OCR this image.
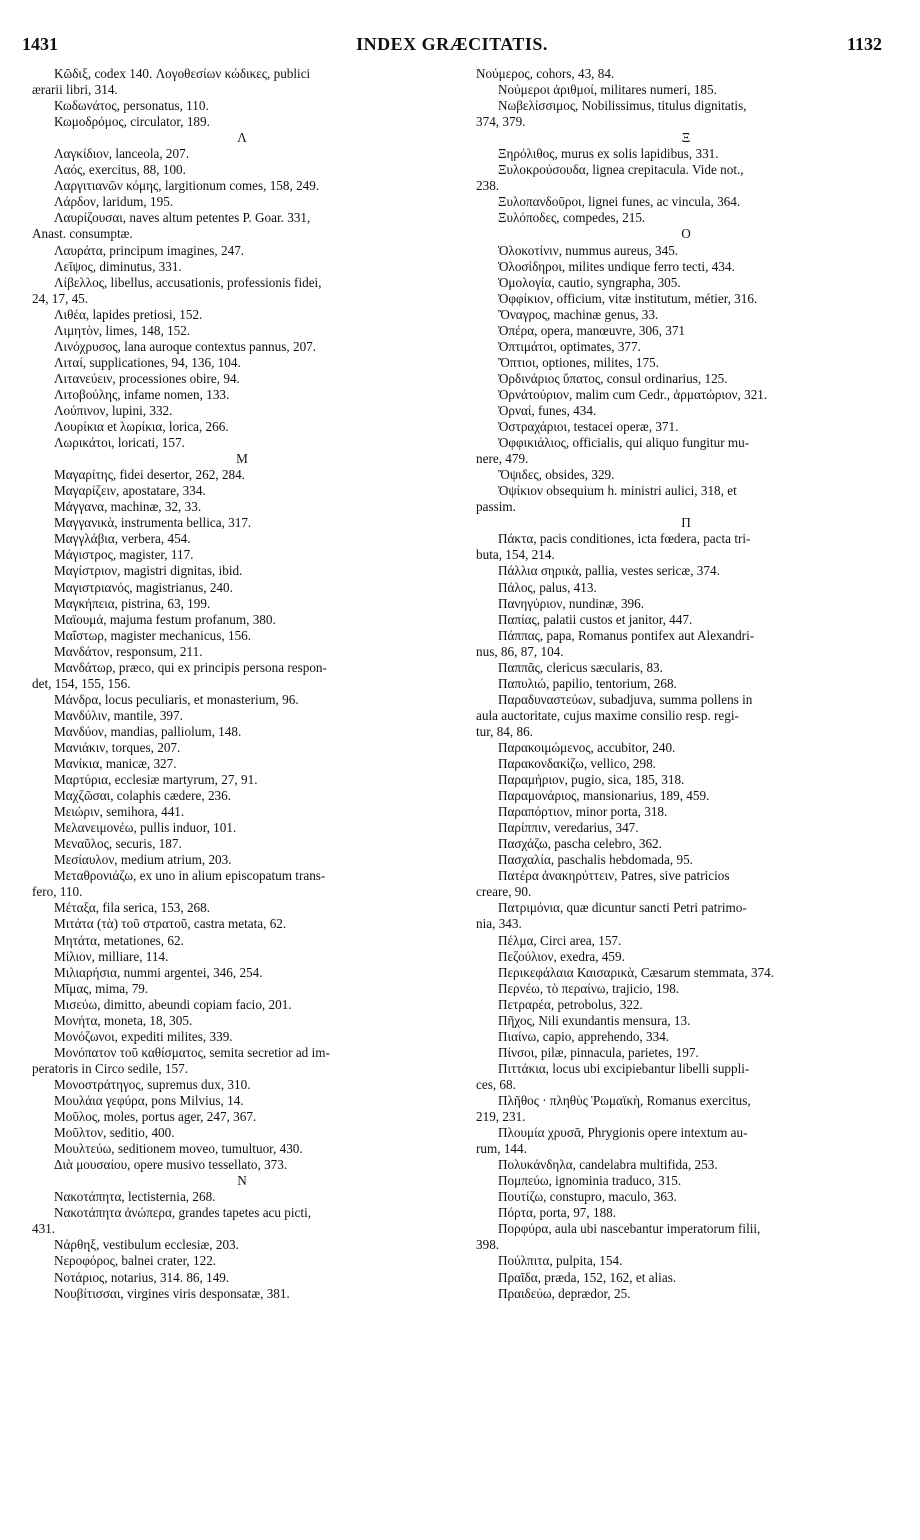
1431	INDEX GRÆCITATIS.	1132

Κῶδιξ, codex 140. Λογοθεσίων κώδικες, publici

ærarii libri, 314.

Κωδωνάτος, personatus, 110.

Κωμοδρόμος, circulator, 189.

Λ

Λαγκίδιον, lanceola, 207.

Λαός, exercitus, 88, 100.

Λαργιτιανῶν κόμης, largitionum comes, 158, 249.

Λάρδον, laridum, 195.

Λαυρίζουσαι, naves altum petentes P. Goar. 331,

Anast. consumptæ.

Λαυράτα, principum imagines, 247.

Λεῖψος, diminutus, 331.

Λίβελλος, libellus, accusationis, professionis fidei,

24, 17, 45.

Λιθέα, lapides pretiosi, 152.

Λιμητὸν, limes, 148, 152.

Λινόχρυσος, lana auroque contextus pannus, 207.

Λιταί, supplicationes, 94, 136, 104.

Λιτανεύειν, processiones obire, 94.

Λιτοβούλης, infame nomen, 133.

Λούπινον, lupini, 332.

Λουρίκια et λωρίκια, lorica, 266.

Λωρικάτοι, loricati, 157.

Μ

Μαγαρίτης, fidei desertor, 262, 284.

Μαγαρίζειν, apostatare, 334.

Μάγγανα, machinæ, 32, 33.

Μαγγανικὰ, instrumenta bellica, 317.

Μαγγλάβια, verbera, 454.

Μάγιστρος, magister, 117.

Μαγίστριον, magistri dignitas, ibid.

Μαγιστριανός, magistrianus, 240.

Μαγκήπεια, pistrina, 63, 199.

Μαϊουμά, majuma festum profanum, 380.

Μαΐστωρ, magister mechanicus, 156.

Μανδάτον, responsum, 211.

Μανδάτωρ, præco, qui ex principis persona respon-

det, 154, 155, 156.

Μάνδρα, locus peculiaris, et monasterium, 96.

Μανδύλιν, mantile, 397.

Μανδύον, mandias, palliolum, 148.

Μανιάκιν, torques, 207.

Μανίκια, manicæ, 327.

Μαρτύρια, ecclesiæ martyrum, 27, 91.

Μαχζῶσαι, colaphis cædere, 236.

Μειώριν, semihora, 441.

Μελανειμονέω, pullis induor, 101.

Μεναῦλος, securis, 187.

Μεσίαυλον, medium atrium, 203.

Μεταθρονιάζω, ex uno in alium episcopatum trans-

fero, 110.

Μέταξα, fila serica, 153, 268.

Μιτάτα (τὰ) τοῦ στρατοῦ, castra metata, 62.

Μητάτα, metationes, 62.

Μίλιον, milliare, 114.

Μιλιαρήσια, nummi argentei, 346, 254.

Μῖμας, mima, 79.

Μισεύω, dimitto, abeundi copiam facio, 201.

Μονήτα, moneta, 18, 305.

Μονόζωνοι, expediti milites, 339.

Μονόπατον τοῦ καθίσματος, semita secretior ad im-

peratoris in Circo sedile, 157.

Μονοστράτηγος, supremus dux, 310.

Μουλάια γεφύρα, pons Milvius, 14.

Μοῦλος, moles, portus ager, 247, 367.

Μοῦλτον, seditio, 400.

Μουλτεύω, seditionem moveo, tumultuor, 430.

Διὰ μουσαίου, opere musivo tessellato, 373.

Ν

Νακοτάπητα, lectisternia, 268.

Νακοτάπητα ἀνώπερα, grandes tapetes acu picti,

431.

Νάρθηξ, vestibulum ecclesiæ, 203.

Νεροφόρος, balnei crater, 122.

Νοτάριος, notarius, 314. 86, 149.

Νουβίτισσαι, virgines viris desponsatæ, 381.

Νούμερος, cohors, 43, 84.

Νούμεροι ἀριθμοί, militares numeri, 185.

Νωβελίσσιμος, Nobilissimus, titulus dignitatis,

374, 379.

Ξ

Ξηρόλιθος, murus ex solis lapidibus, 331.

Ξυλοκρούσουδα, lignea crepitacula. Vide not.,

238.

Ξυλοπανδοῦροι, lignei funes, ac vincula, 364.

Ξυλόποδες, compedes, 215.

Ο

Ὁλοκοτίνιν, nummus aureus, 345.

Ὁλοσίδηροι, milites undique ferro tecti, 434.

Ὁμολογία, cautio, syngrapha, 305.

Ὀφφίκιον, officium, vitæ institutum, métier, 316.

Ὄναγρος, machinæ genus, 33.

Ὀπέρα, opera, manœuvre, 306, 371

Ὀπτιμάτοι, optimates, 377.

Ὄπτιοι, optiones, milites, 175.

Ὀρδινάριος ὕπατος, consul ordinarius, 125.

Ὀρνάτούριον, malim cum Cedr., ἁρματώριον, 321.

Ὀρναί, funes, 434.

Ὀστραχάριοι, testacei operæ, 371.

Ὀφφικιάλιος, officialis, qui aliquo fungitur mu-

nere, 479.

Ὄψιδες, obsides, 329.

Ὀψίκιον obsequium h. ministri aulici, 318, et

passim.

Π

Πάκτα, pacis conditiones, icta fœdera, pacta tri-

buta, 154, 214.

Πάλλια σηρικὰ, pallia, vestes sericæ, 374.

Πάλος, palus, 413.

Πανηγύριον, nundinæ, 396.

Παπίας, palatii custos et janitor, 447.

Πάππας, papa, Romanus pontifex aut Alexandri-

nus, 86, 87, 104.

Παππᾶς, clericus sæcularis, 83.

Παπυλιώ, papilio, tentorium, 268.

Παραδυναστεύων, subadjuva, summa pollens in

aula auctoritate, cujus maxime consilio resp. regi-

tur, 84, 86.

Παρακοιμώμενος, accubitor, 240.

Παρακονδακίζω, vellico, 298.

Παραμήριον, pugio, sica, 185, 318.

Παραμονάριος, mansionarius, 189, 459.

Παραπόρτιον, minor porta, 318.

Παρίππιν, veredarius, 347.

Πασχάζω, pascha celebro, 362.

Πασχαλία, paschalis hebdomada, 95.

Πατέρα ἀνακηρύττειν, Patres, sive patricios

creare, 90.

Πατριμόνια, quæ dicuntur sancti Petri patrimo-

nia, 343.

Πέλμα, Circi area, 157.

Πεζούλιον, exedra, 459.

Περικεφάλαια Καισαρικὰ, Cæsarum stemmata, 374.

Περνέω, τὸ περαίνω, trajicio, 198.

Πετραρέα, petrobolus, 322.

Πῆχος, Nili exundantis mensura, 13.

Πιαίνω, capio, apprehendo, 334.

Πίνσοι, pilæ, pinnacula, parietes, 197.

Πιττάκια, locus ubi excipiebantur libelli suppli-

ces, 68.

Πλῆθος · πληθὺς Ῥωμαϊκὴ, Romanus exercitus,

219, 231.

Πλουμία χρυσᾶ, Phrygionis opere intextum au-

rum, 144.

Πολυκάνδηλα, candelabra multifida, 253.

Πομπεύω, ignominia traduco, 315.

Πουτίζω, constupro, maculo, 363.

Πόρτα, porta, 97, 188.

Πορφύρα, aula ubi nascebantur imperatorum filii,

398.

Πούλπιτα, pulpita, 154.

Πραῖδα, præda, 152, 162, et alias.

Πραιδεύω, deprædor, 25.
